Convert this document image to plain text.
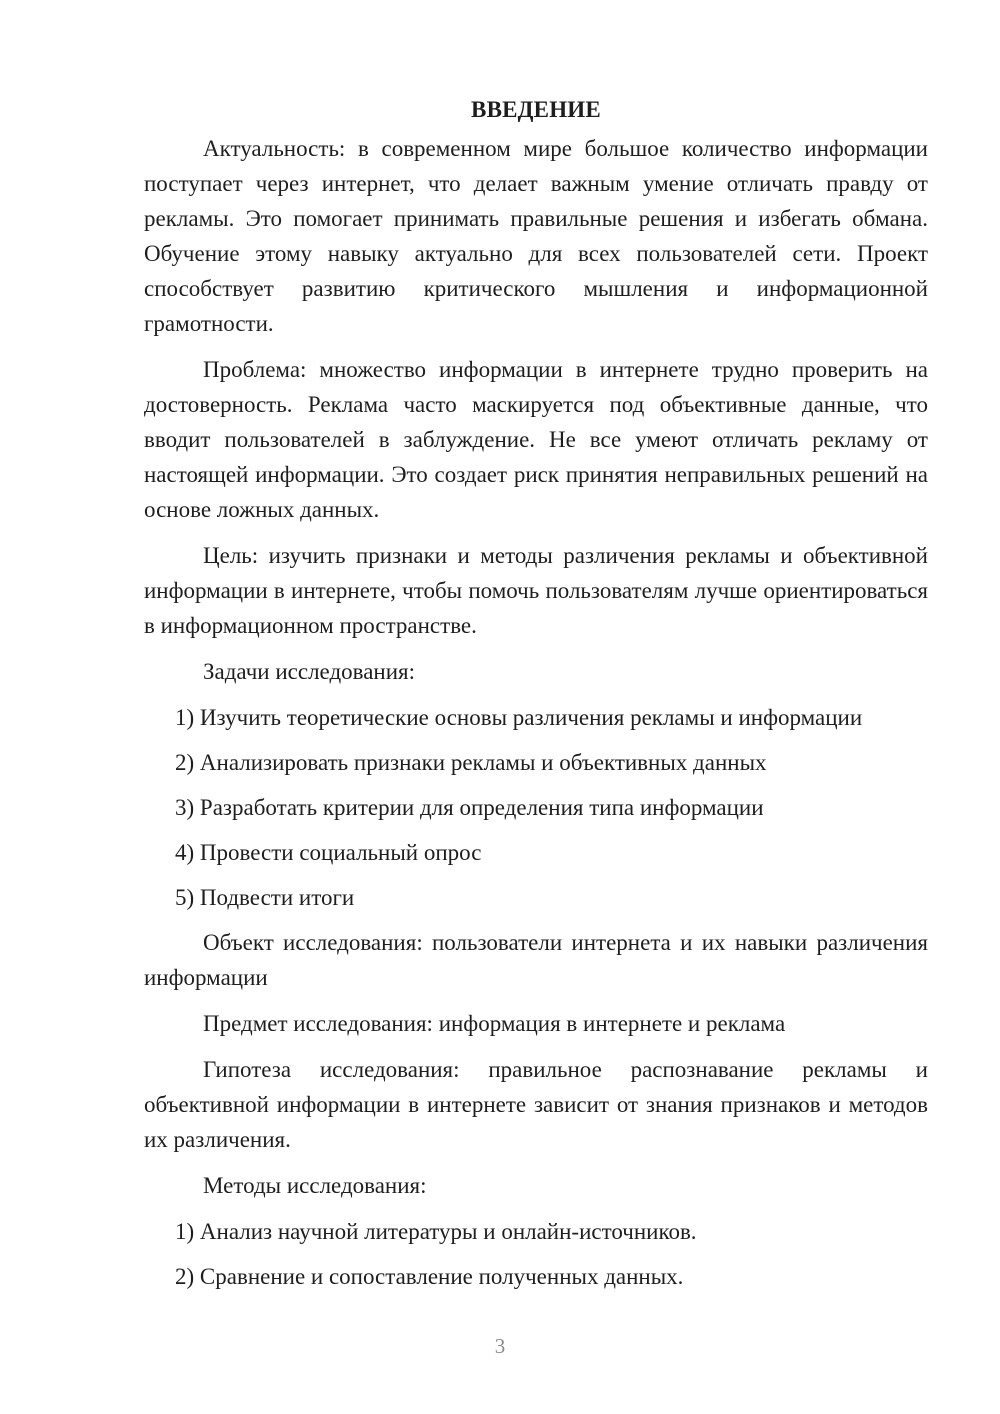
ВВЕДЕНИЕ

Актуальность: в современном мире большое количество информации поступает через интернет, что делает важным умение отличать правду от рекламы. Это помогает принимать правильные решения и избегать обмана. Обучение этому навыку актуально для всех пользователей сети. Проект способствует развитию критического мышления и информационной грамотности.

Проблема: множество информации в интернете трудно проверить на достоверность. Реклама часто маскируется под объективные данные, что вводит пользователей в заблуждение. Не все умеют отличать рекламу от настоящей информации. Это создает риск принятия неправильных решений на основе ложных данных.

Цель: изучить признаки и методы различения рекламы и объективной информации в интернете, чтобы помочь пользователям лучше ориентироваться в информационном пространстве.

Задачи исследования:
1) Изучить теоретические основы различения рекламы и информации
2) Анализировать признаки рекламы и объективных данных
3) Разработать критерии для определения типа информации
4) Провести социальный опрос
5) Подвести итоги

Объект исследования: пользователи интернета и их навыки различения информации

Предмет исследования: информация в интернете и реклама

Гипотеза исследования: правильное распознавание рекламы и объективной информации в интернете зависит от знания признаков и методов их различения.

Методы исследования:
1) Анализ научной литературы и онлайн-источников.
2) Сравнение и сопоставление полученных данных.
3
